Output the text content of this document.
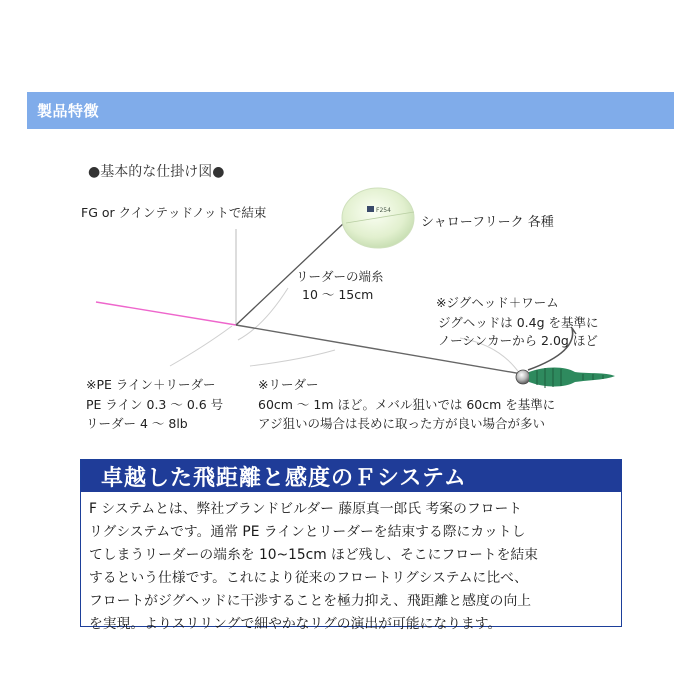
製品特徴
●基本的な仕掛け図●
F254
FG or クインテッドノットで結束
シャローフリーク 各種
リーダーの端糸
10 ～ 15cm
※ジグヘッド＋ワーム
ジグヘッドは 0.4g を基準に
ノーシンカーから 2.0g ほど
※PE ライン＋リーダー
PE ライン 0.3 ～ 0.6 号
リーダー 4 ～ 8lb
※リーダー
60cm ～ 1m ほど。メバル狙いでは 60cm を基準に
アジ狙いの場合は長めに取った方が良い場合が多い
卓越した飛距離と感度のＦシステム
F システムとは、弊社ブランドビルダー 藤原真一郎氏 考案のフロート
リグシステムです。通常 PE ラインとリーダーを結束する際にカットし
てしまうリーダーの端糸を 10~15cm ほど残し、そこにフロートを結束
するという仕様です。これにより従来のフロートリグシステムに比べ、
フロートがジグヘッドに干渉することを極力抑え、飛距離と感度の向上
を実現。よりスリリングで細やかなリグの演出が可能になります。
